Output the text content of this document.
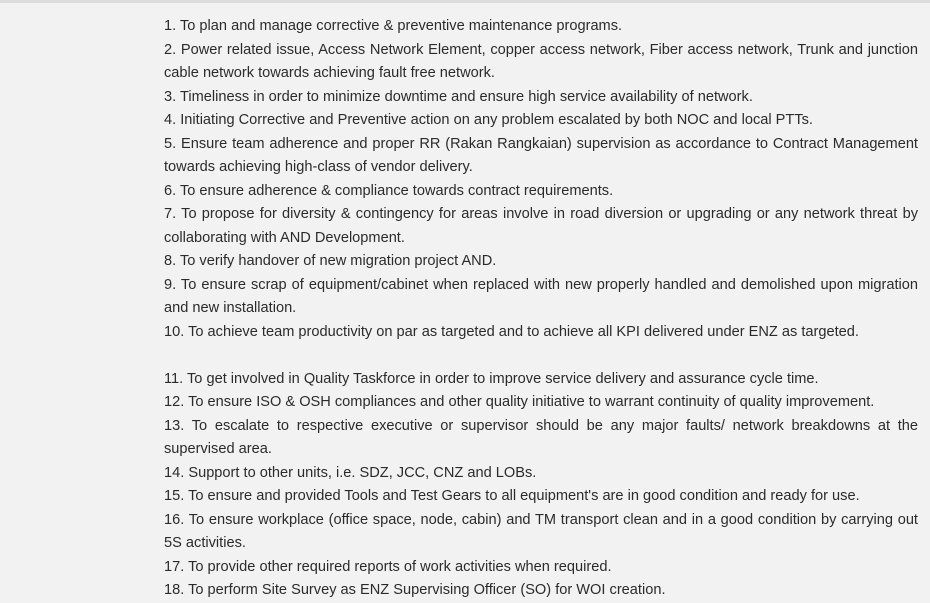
1. To plan and manage corrective & preventive maintenance programs.

2. Power related issue, Access Network Element, copper access network, Fiber access network, Trunk and junction cable network towards achieving fault free network.

3. Timeliness in order to minimize downtime and ensure high service availability of network.

4. Initiating Corrective and Preventive action on any problem escalated by both NOC and local PTTs.

5. Ensure team adherence and proper RR (Rakan Rangkaian) supervision as accordance to Contract Management towards achieving high-class of vendor delivery.

6. To ensure adherence & compliance towards contract requirements.

7. To propose for diversity & contingency for areas involve in road diversion or upgrading or any network threat by collaborating with AND Development.

8. To verify handover of new migration project AND.

9. To ensure scrap of equipment/cabinet when replaced with new properly handled and demolished upon migration and new installation.

10. To achieve team productivity on par as targeted and to achieve all KPI delivered under ENZ as targeted.

11. To get involved in Quality Taskforce in order to improve service delivery and assurance cycle time.

12. To ensure ISO & OSH compliances and other quality initiative to warrant continuity of quality improvement.

13. To escalate to respective executive or supervisor should be any major faults/ network breakdowns at the supervised area.

14. Support to other units, i.e. SDZ, JCC, CNZ and LOBs.

15. To ensure and provided Tools and Test Gears to all equipment's are in good condition and ready for use.

16. To ensure workplace (office space, node, cabin) and TM transport clean and in a good condition by carrying out 5S activities.

17. To provide other required reports of work activities when required.

18. To perform Site Survey as ENZ Supervising Officer (SO) for WOI creation.
